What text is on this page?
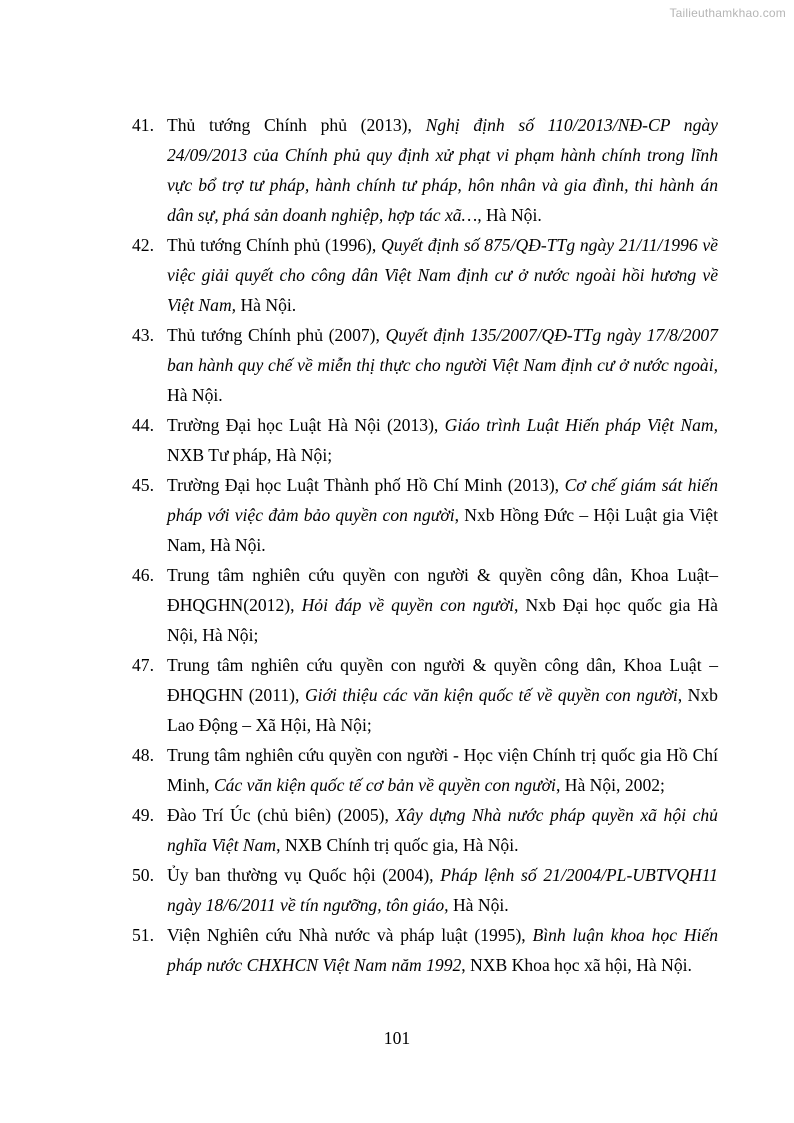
Tailieuthamkhao.com
41. Thủ tướng Chính phủ (2013), Nghị định số 110/2013/NĐ-CP ngày 24/09/2013 của Chính phủ quy định xử phạt vi phạm hành chính trong lĩnh vực bổ trợ tư pháp, hành chính tư pháp, hôn nhân và gia đình, thi hành án dân sự, phá sản doanh nghiệp, hợp tác xã…, Hà Nội.
42. Thủ tướng Chính phủ (1996), Quyết định số 875/QĐ-TTg ngày 21/11/1996 về việc giải quyết cho công dân Việt Nam định cư ở nước ngoài hồi hương về Việt Nam, Hà Nội.
43. Thủ tướng Chính phủ (2007), Quyết định 135/2007/QĐ-TTg ngày 17/8/2007 ban hành quy chế về miễn thị thực cho người Việt Nam định cư ở nước ngoài, Hà Nội.
44. Trường Đại học Luật Hà Nội (2013), Giáo trình Luật Hiến pháp Việt Nam, NXB Tư pháp, Hà Nội;
45. Trường Đại học Luật Thành phố Hồ Chí Minh (2013), Cơ chế giám sát hiến pháp với việc đảm bảo quyền con người, Nxb Hồng Đức – Hội Luật gia Việt Nam, Hà Nội.
46. Trung tâm nghiên cứu quyền con người & quyền công dân, Khoa Luật–ĐHQGHN(2012), Hỏi đáp về quyền con người, Nxb Đại học quốc gia Hà Nội, Hà Nội;
47. Trung tâm nghiên cứu quyền con người & quyền công dân, Khoa Luật – ĐHQGHN (2011), Giới thiệu các văn kiện quốc tế về quyền con người, Nxb Lao Động – Xã Hội, Hà Nội;
48. Trung tâm nghiên cứu quyền con người - Học viện Chính trị quốc gia Hồ Chí Minh, Các văn kiện quốc tế cơ bản về quyền con người, Hà Nội, 2002;
49. Đào Trí Úc (chủ biên) (2005), Xây dựng Nhà nước pháp quyền xã hội chủ nghĩa Việt Nam, NXB Chính trị quốc gia, Hà Nội.
50. Ủy ban thường vụ Quốc hội (2004), Pháp lệnh số 21/2004/PL-UBTVQH11 ngày 18/6/2011 về tín ngưỡng, tôn giáo, Hà Nội.
51. Viện Nghiên cứu Nhà nước và pháp luật (1995), Bình luận khoa học Hiến pháp nước CHXHCN Việt Nam năm 1992, NXB Khoa học xã hội, Hà Nội.
101
